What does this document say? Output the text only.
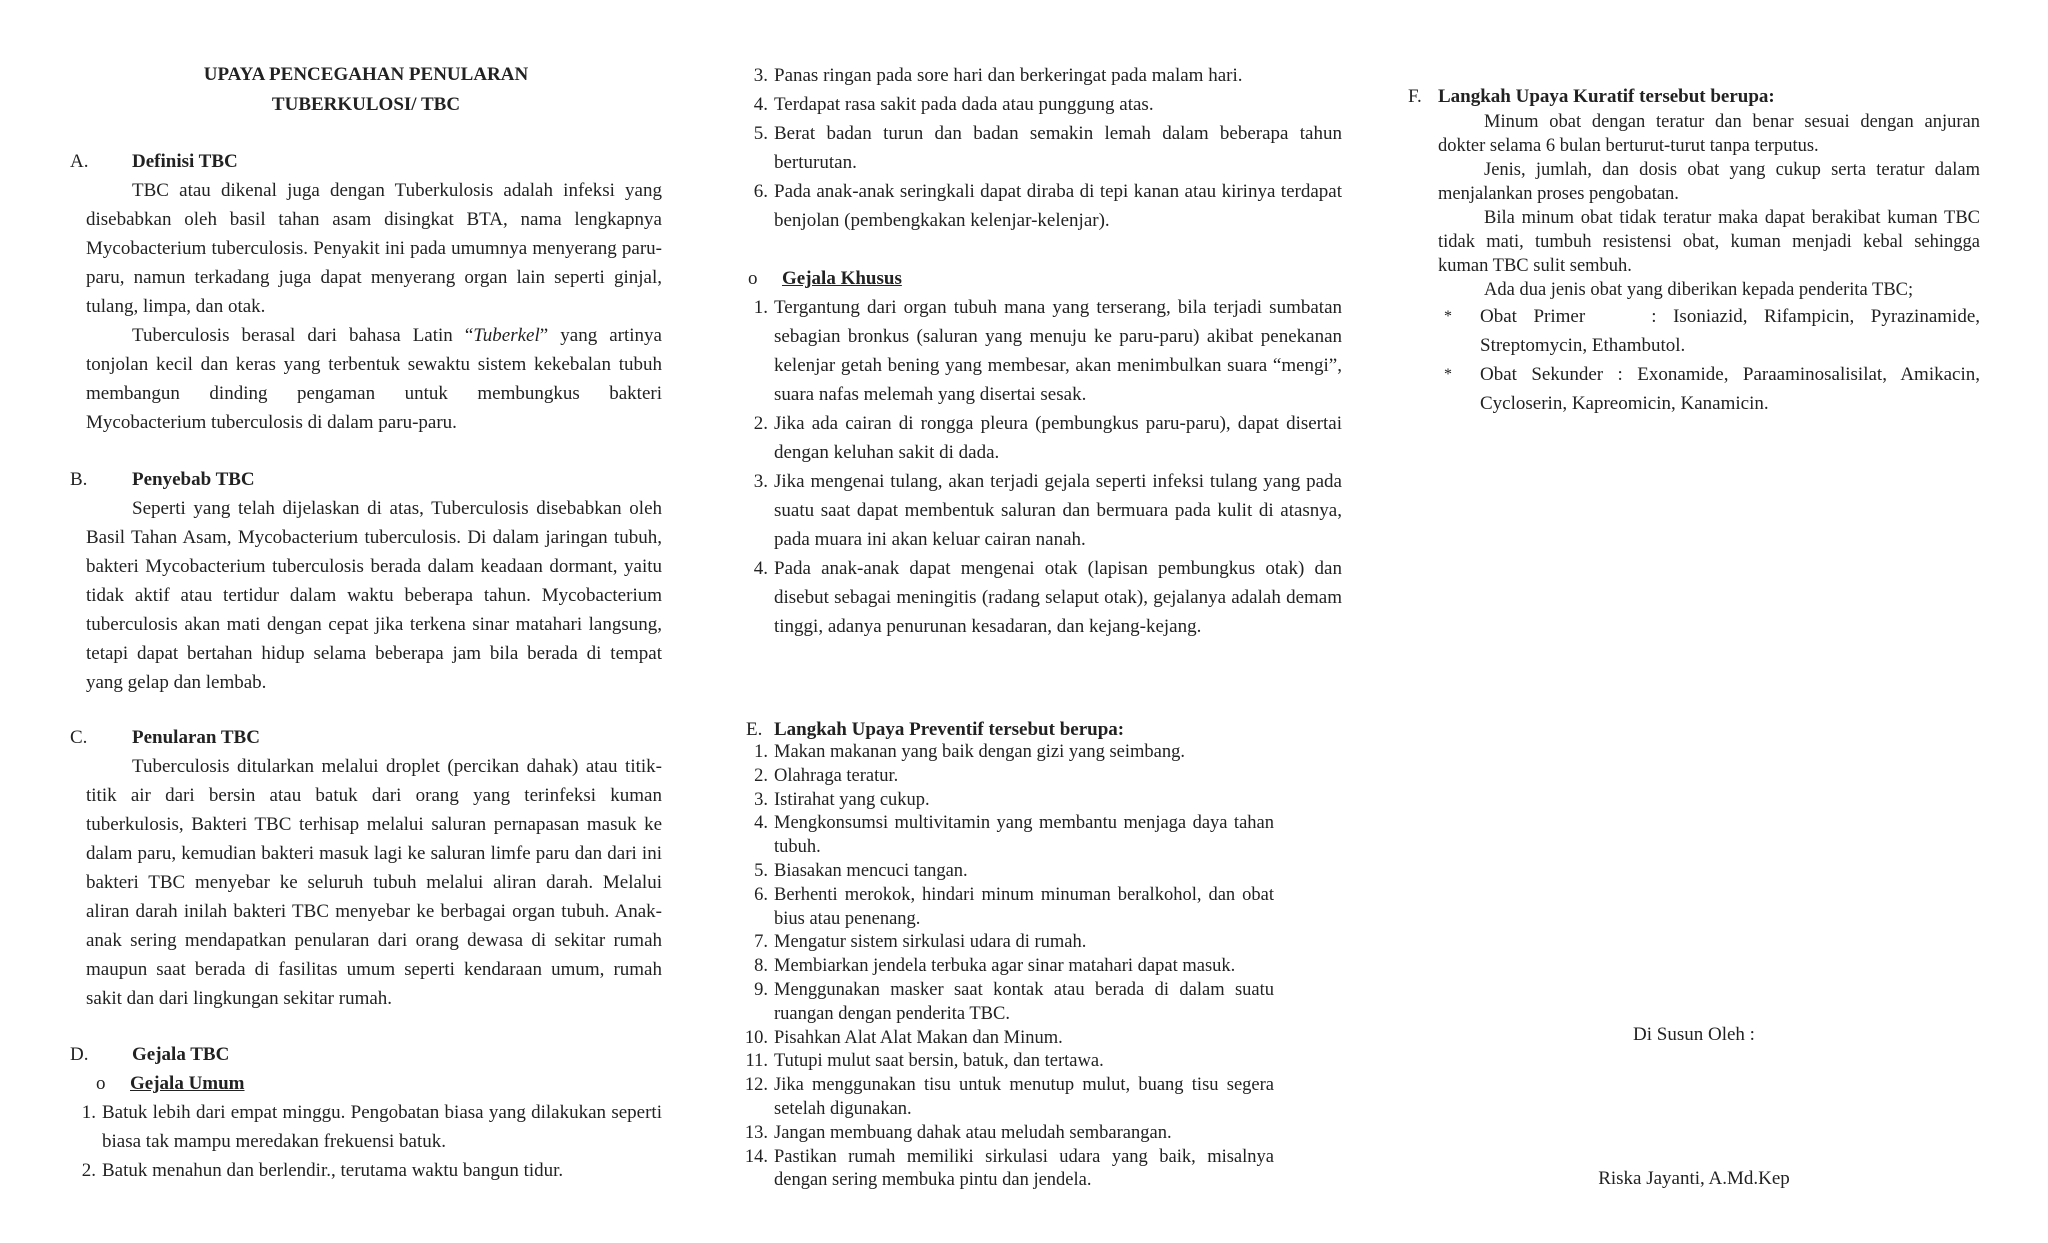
UPAYA PENCEGAHAN PENULARAN
TUBERKULOSI/ TBC
A. Definisi TBC

TBC atau dikenal juga dengan Tuberkulosis adalah infeksi yang disebabkan oleh basil tahan asam disingkat BTA, nama lengkapnya Mycobacterium tuberculosis. Penyakit ini pada umumnya menyerang paru-paru, namun terkadang juga dapat menyerang organ lain seperti ginjal, tulang, limpa, dan otak.

Tuberculosis berasal dari bahasa Latin “Tuberkel” yang artinya tonjolan kecil dan keras yang terbentuk sewaktu sistem kekebalan tubuh membangun dinding pengaman untuk membungkus bakteri Mycobacterium tuberculosis di dalam paru-paru.

B. Penyebab TBC

Seperti yang telah dijelaskan di atas, Tuberculosis disebabkan oleh Basil Tahan Asam, Mycobacterium tuberculosis. Di dalam jaringan tubuh, bakteri Mycobacterium tuberculosis berada dalam keadaan dormant, yaitu tidak aktif atau tertidur dalam waktu beberapa tahun. Mycobacterium tuberculosis akan mati dengan cepat jika terkena sinar matahari langsung, tetapi dapat bertahan hidup selama beberapa jam bila berada di tempat yang gelap dan lembab.

C. Penularan TBC

Tuberculosis ditularkan melalui droplet (percikan dahak) atau titik-titik air dari bersin atau batuk dari orang yang terinfeksi kuman tuberkulosis, Bakteri TBC terhisap melalui saluran pernapasan masuk ke dalam paru, kemudian bakteri masuk lagi ke saluran limfe paru dan dari ini bakteri TBC menyebar ke seluruh tubuh melalui aliran darah. Melalui aliran darah inilah bakteri TBC menyebar ke berbagai organ tubuh. Anak-anak sering mendapatkan penularan dari orang dewasa di sekitar rumah maupun saat berada di fasilitas umum seperti kendaraan umum, rumah sakit dan dari lingkungan sekitar rumah.

D. Gejala TBC
o Gejala Umum
1. Batuk lebih dari empat minggu. Pengobatan biasa yang dilakukan seperti biasa tak mampu meredakan frekuensi batuk.
2. Batuk menahun dan berlendir., terutama waktu bangun tidur.
3. Panas ringan pada sore hari dan berkeringat pada malam hari.
4. Terdapat rasa sakit pada dada atau punggung atas.
5. Berat badan turun dan badan semakin lemah dalam beberapa tahun berturutan.
6. Pada anak-anak seringkali dapat diraba di tepi kanan atau kirinya terdapat benjolan (pembengkakan kelenjar-kelenjar).
o Gejala Khusus
1. Tergantung dari organ tubuh mana yang terserang, bila terjadi sumbatan sebagian bronkus (saluran yang menuju ke paru-paru) akibat penekanan kelenjar getah bening yang membesar, akan menimbulkan suara “mengi”, suara nafas melemah yang disertai sesak.
2. Jika ada cairan di rongga pleura (pembungkus paru-paru), dapat disertai dengan keluhan sakit di dada.
3. Jika mengenai tulang, akan terjadi gejala seperti infeksi tulang yang pada suatu saat dapat membentuk saluran dan bermuara pada kulit di atasnya, pada muara ini akan keluar cairan nanah.
4. Pada anak-anak dapat mengenai otak (lapisan pembungkus otak) dan disebut sebagai meningitis (radang selaput otak), gejalanya adalah demam tinggi, adanya penurunan kesadaran, dan kejang-kejang.
E. Langkah Upaya Preventif tersebut berupa:
1. Makan makanan yang baik dengan gizi yang seimbang.
2. Olahraga teratur.
3. Istirahat yang cukup.
4. Mengkonsumsi multivitamin yang membantu menjaga daya tahan tubuh.
5. Biasakan mencuci tangan.
6. Berhenti merokok, hindari minum minuman beralkohol, dan obat bius atau penenang.
7. Mengatur sistem sirkulasi udara di rumah.
8. Membiarkan jendela terbuka agar sinar matahari dapat masuk.
9. Menggunakan masker saat kontak atau berada di dalam suatu ruangan dengan penderita TBC.
10. Pisahkan Alat Alat Makan dan Minum.
11. Tutupi mulut saat bersin, batuk, dan tertawa.
12. Jika menggunakan tisu untuk menutup mulut, buang tisu segera setelah digunakan.
13. Jangan membuang dahak atau meludah sembarangan.
14. Pastikan rumah memiliki sirkulasi udara yang baik, misalnya dengan sering membuka pintu dan jendela.
F. Langkah Upaya Kuratif tersebut berupa:

Minum obat dengan teratur dan benar sesuai dengan anjuran dokter selama 6 bulan berturut-turut tanpa terputus.

Jenis, jumlah, dan dosis obat yang cukup serta teratur dalam menjalankan proses pengobatan.

Bila minum obat tidak teratur maka dapat berakibat kuman TBC tidak mati, tumbuh resistensi obat, kuman menjadi kebal sehingga kuman TBC sulit sembuh.

Ada dua jenis obat yang diberikan kepada penderita TBC;

* Obat Primer    : Isoniazid, Rifampicin, Pyrazinamide, Streptomycin, Ethambutol.
* Obat Sekunder : Exonamide, Paraaminosalisilat, Amikacin, Cycloserin, Kapreomicin, Kanamicin.
Di Susun Oleh :
Riska Jayanti, A.Md.Kep
